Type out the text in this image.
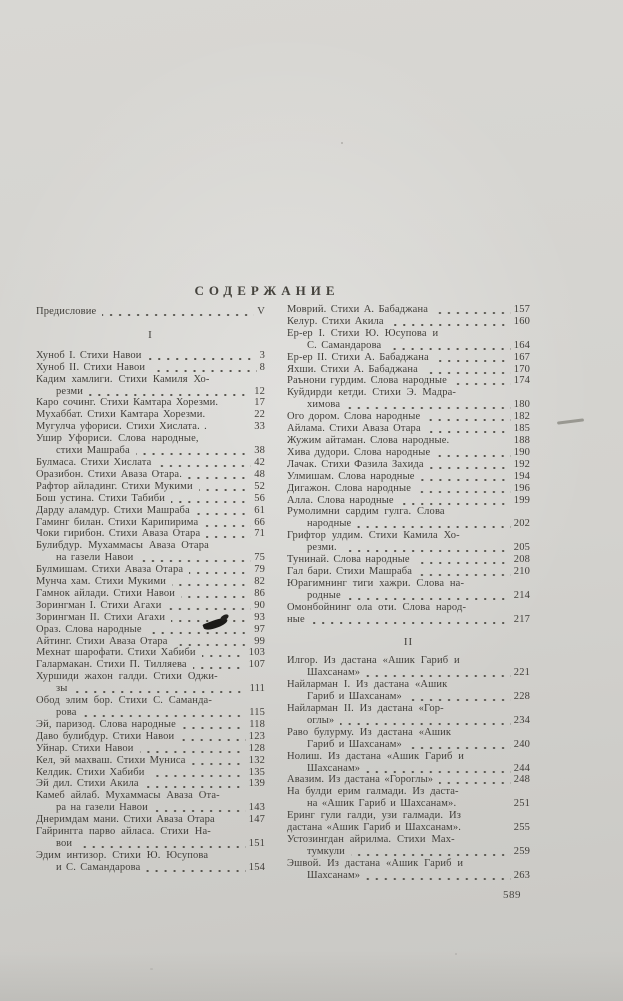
СОДЕРЖАНИЕ
Предисловие	V
I
Хуноб I. Стихи Навои	3
Хуноб II. Стихи Навои	8
Кадим хамлиги. Стихи Камиля Хо-
резми	12
Каро сочинг. Стихи Камтара Хорезми.	17
Мухаббат. Стихи Камтара Хорезми.	22
Мугулча уфориси. Стихи Хислата. .	33
Ушир Уфориси. Слова народные,
стихи Машраба	38
Булмаса. Стихи Хислата	42
Оразибон. Стихи Аваза Отара.	48
Рафтор айладинг. Стихи Мукими	52
Бош устина. Стихи Табиби	56
Дарду аламдур. Стихи Машраба	61
Гаминг билан. Стихи Карипирима	66
Чоки гирибон. Стихи Аваза Отара	71
Булибдур. Мухаммасы Аваза Отара
на газели Навои	75
Булмишам. Стихи Аваза Отара	79
Мунча хам. Стихи Мукими	82
Гамнок айлади. Стихи Навои	86
Зорингман I. Стихи Агахи	90
Зорингман II. Стихи Агахи	93
Ораз. Слова народные	97
Айтинг. Стихи Аваза Отара	99
Мехнат шарофати. Стихи Хабиби	103
Галармакан. Стихи П. Тилляева	107
Хуршиди жахон галди. Стихи Оджи-
зы	111
Обод элим бор. Стихи С. Саманда-
рова	115
Эй, паризод. Слова народные	118
Даво булибдур. Стихи Навои	123
Уйнар. Стихи Навои	128
Кел, эй махваш. Стихи Муниса	132
Келдик. Стихи Хабиби	135
Эй дил. Стихи Акила	139
Камеб айлаб. Мухаммасы Аваза Ота-
ра на газели Навои	143
Днеримдам мани. Стихи Аваза Отара	147
Гайрингга парво айласа. Стихи На-
вои	151
Эдим интизор. Стихи Ю. Юсупова
и С. Самандарова	154
Моврий. Стихи А. Бабаджана	157
Келур. Стихи Акила	160
Ер-ер I. Стихи Ю. Юсупова и
С. Самандарова	164
Ер-ер II. Стихи А. Бабаджана	167
Яхши. Стихи А. Бабаджана	170
Раънони гурдим. Слова народные	174
Куйдирди кетди. Стихи Э. Мадра-
химова	180
Ого дором. Слова народные	182
Айлама. Стихи Аваза Отара	185
Жужим айтаман. Слова народные.	188
Хива дудори. Слова народные	190
Лачак. Стихи Фазила Захида	192
Улмишам. Слова народные	194
Дигажон. Слова народные	196
Алла. Слова народные	199
Румолимни сардим гулга. Слова
народные	202
Грифтор улдим. Стихи Камила Хо-
резми.	205
Тунинай. Слова народные	208
Гал бари. Стихи Машраба	210
Юрагимнинг тиги хажри. Слова на-
родные	214
Омонбойнинг ола оти. Слова народ-
ные	217
II
Илгор. Из дастана «Ашик Гариб и
Шахсанам»	221
Найларман I. Из дастана «Ашик
Гариб и Шахсанам»	228
Найларман II. Из дастана «Гор-
оглы»	234
Раво булурму. Из дастана «Ашик
Гариб и Шахсанам»	240
Нолиш. Из дастана «Ашик Гариб и
Шахсанам»	244
Авазим. Из дастана «Гороглы»	248
На булди ерим галмади. Из даста-
на «Ашик Гариб и Шахсанам».	251
Еринг гули галди, узи галмади. Из
дастана «Ашик Гариб и Шахсанам».	255
Устозингдан айрилма. Стихи Мах-
тумкули	259
Эшвой. Из дастана «Ашик Гариб и
Шахсанам»	263
589
